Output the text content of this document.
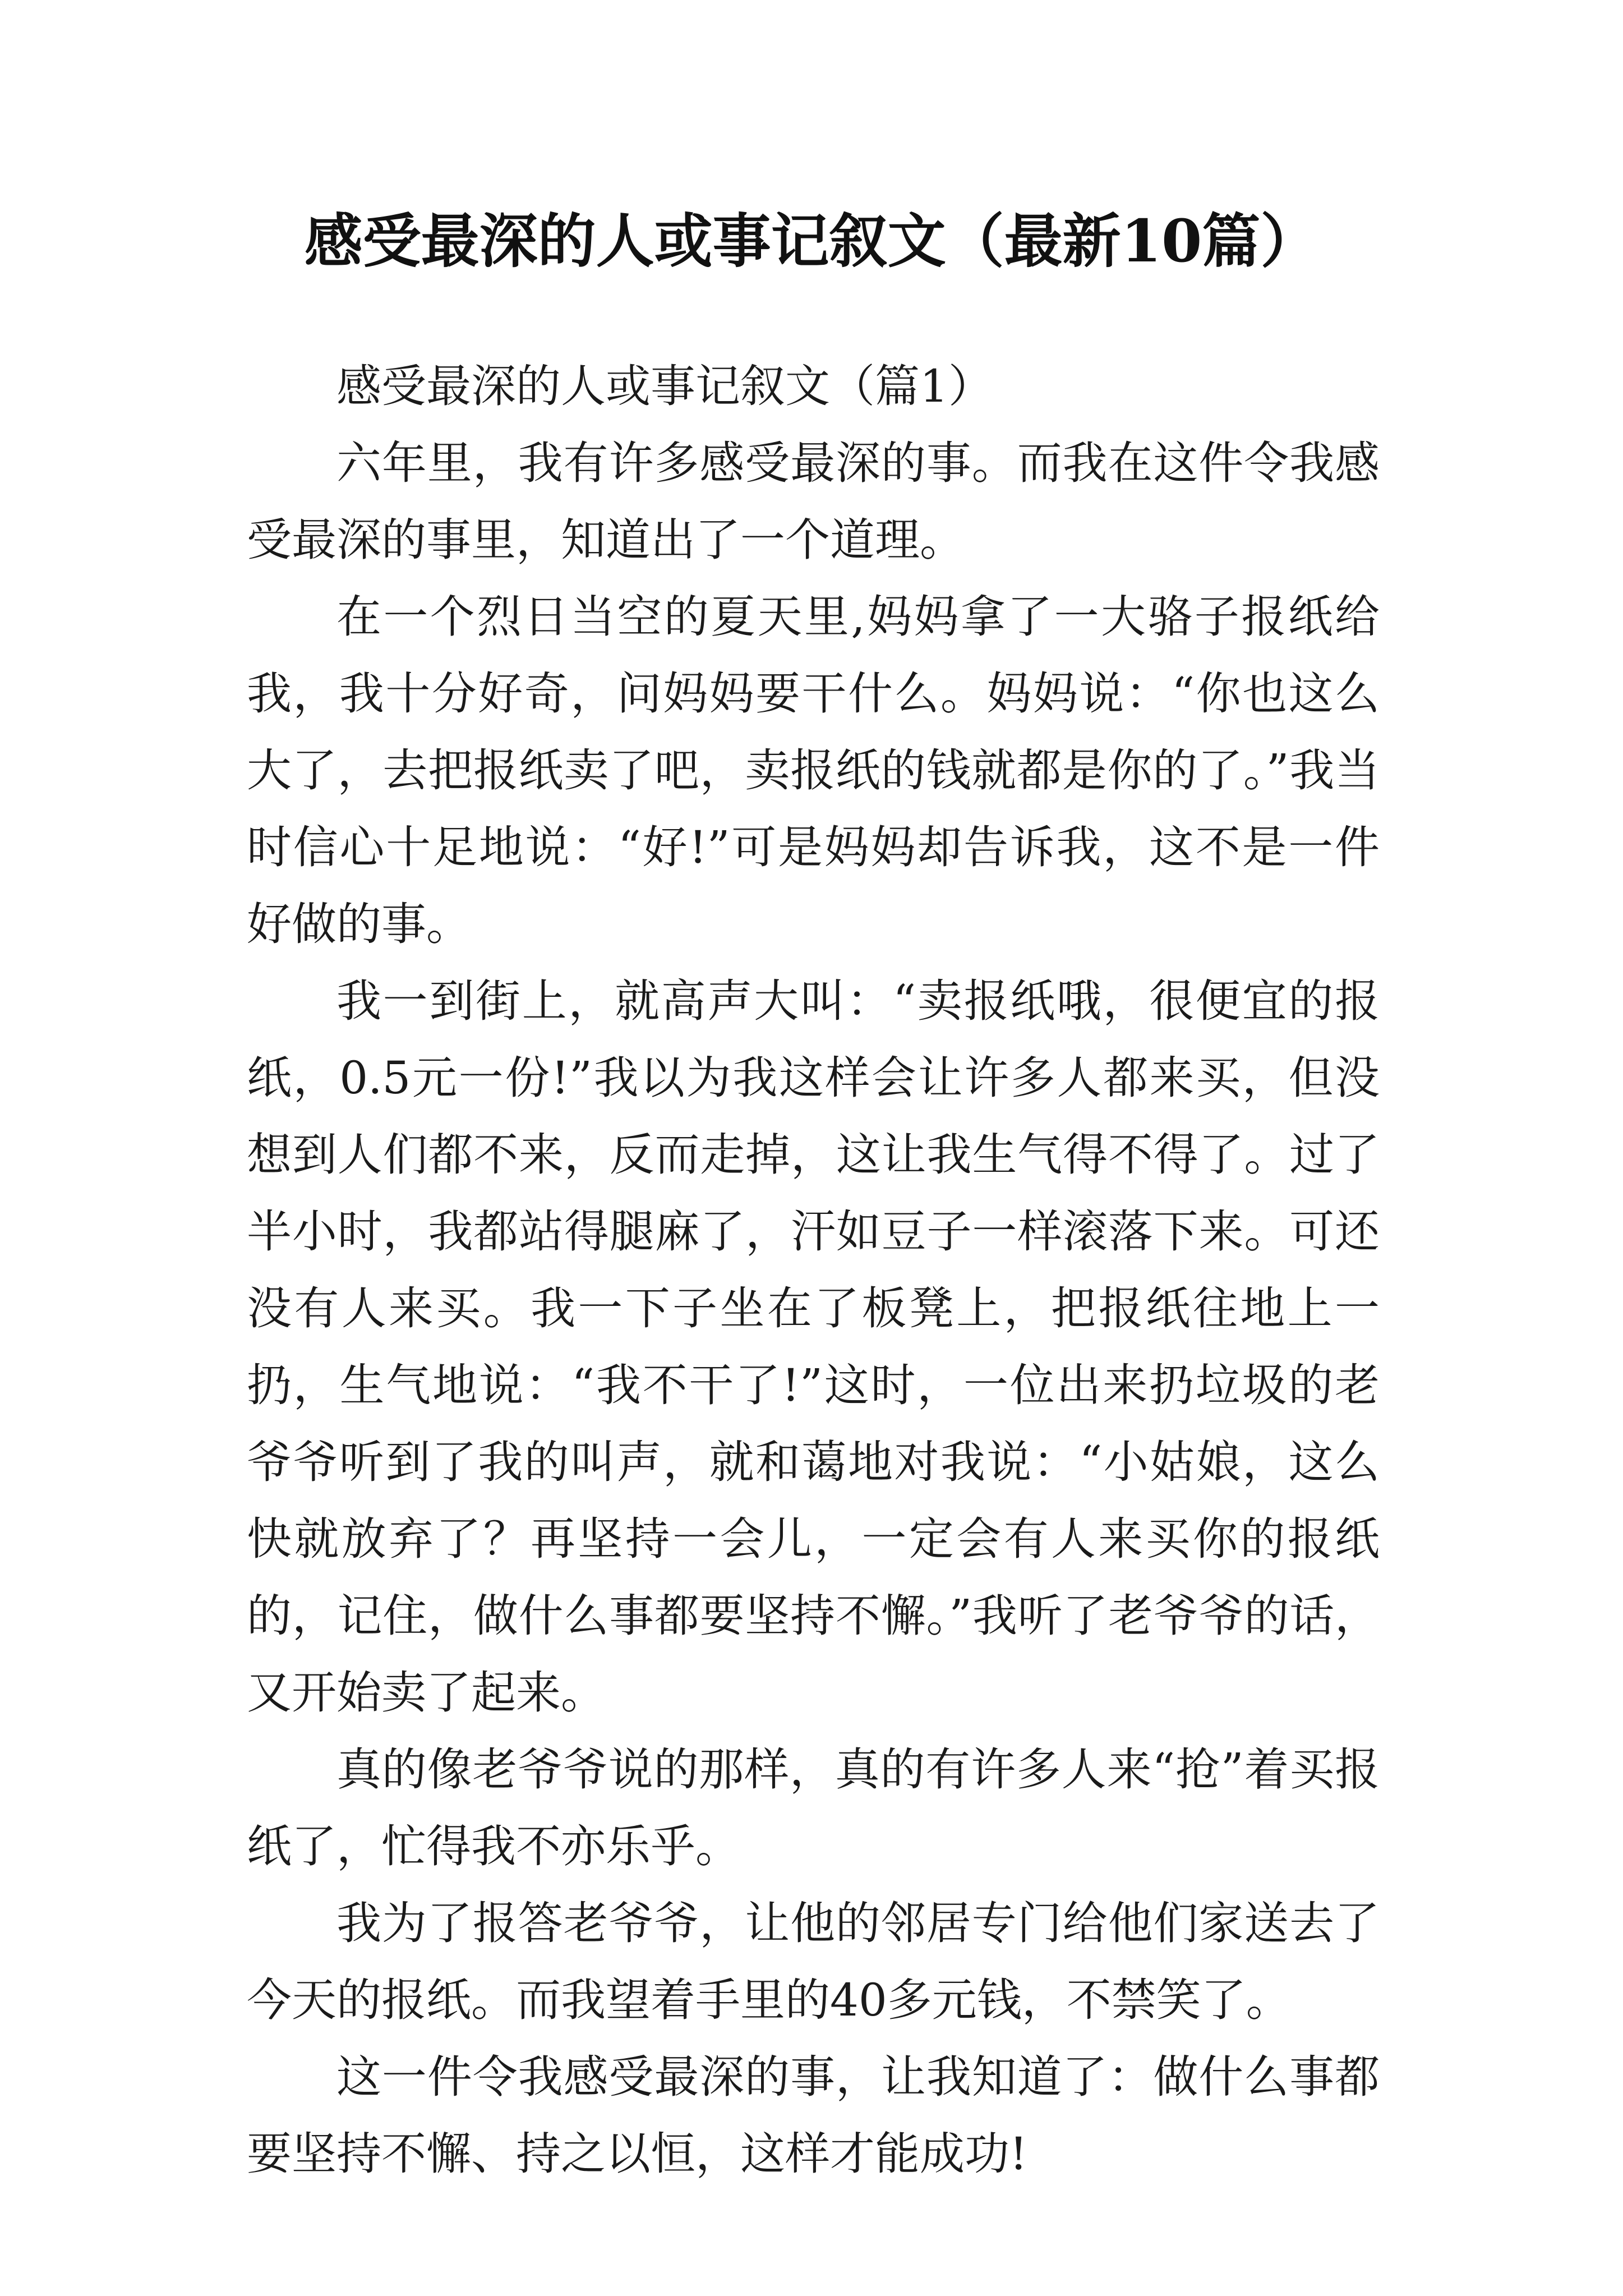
感受最深的人或事记叙文（最新10篇）

感受最深的人或事记叙文（篇1）

六年里，我有许多感受最深的事。而我在这件令我感受最深的事里，知道出了一个道理。

在一个烈日当空的夏天里,妈妈拿了一大骆子报纸给我，我十分好奇，问妈妈要干什么。妈妈说：“你也这么大了，去把报纸卖了吧，卖报纸的钱就都是你的了。”我当时信心十足地说：“好!”可是妈妈却告诉我，这不是一件好做的事。

我一到街上，就高声大叫：“卖报纸哦，很便宜的报纸，0.5元一份!”我以为我这样会让许多人都来买，但没想到人们都不来，反而走掉，这让我生气得不得了。过了半小时，我都站得腿麻了，汗如豆子一样滚落下来。可还没有人来买。我一下子坐在了板凳上，把报纸往地上一扔，生气地说：“我不干了!”这时，一位出来扔垃圾的老爷爷听到了我的叫声，就和蔼地对我说：“小姑娘，这么快就放弃了？再坚持一会儿，一定会有人来买你的报纸的，记住，做什么事都要坚持不懈。”我听了老爷爷的话，又开始卖了起来。

真的像老爷爷说的那样，真的有许多人来“抢”着买报纸了，忙得我不亦乐乎。

我为了报答老爷爷，让他的邻居专门给他们家送去了今天的报纸。而我望着手里的40多元钱，不禁笑了。

这一件令我感受最深的事，让我知道了：做什么事都要坚持不懈、持之以恒，这样才能成功!
